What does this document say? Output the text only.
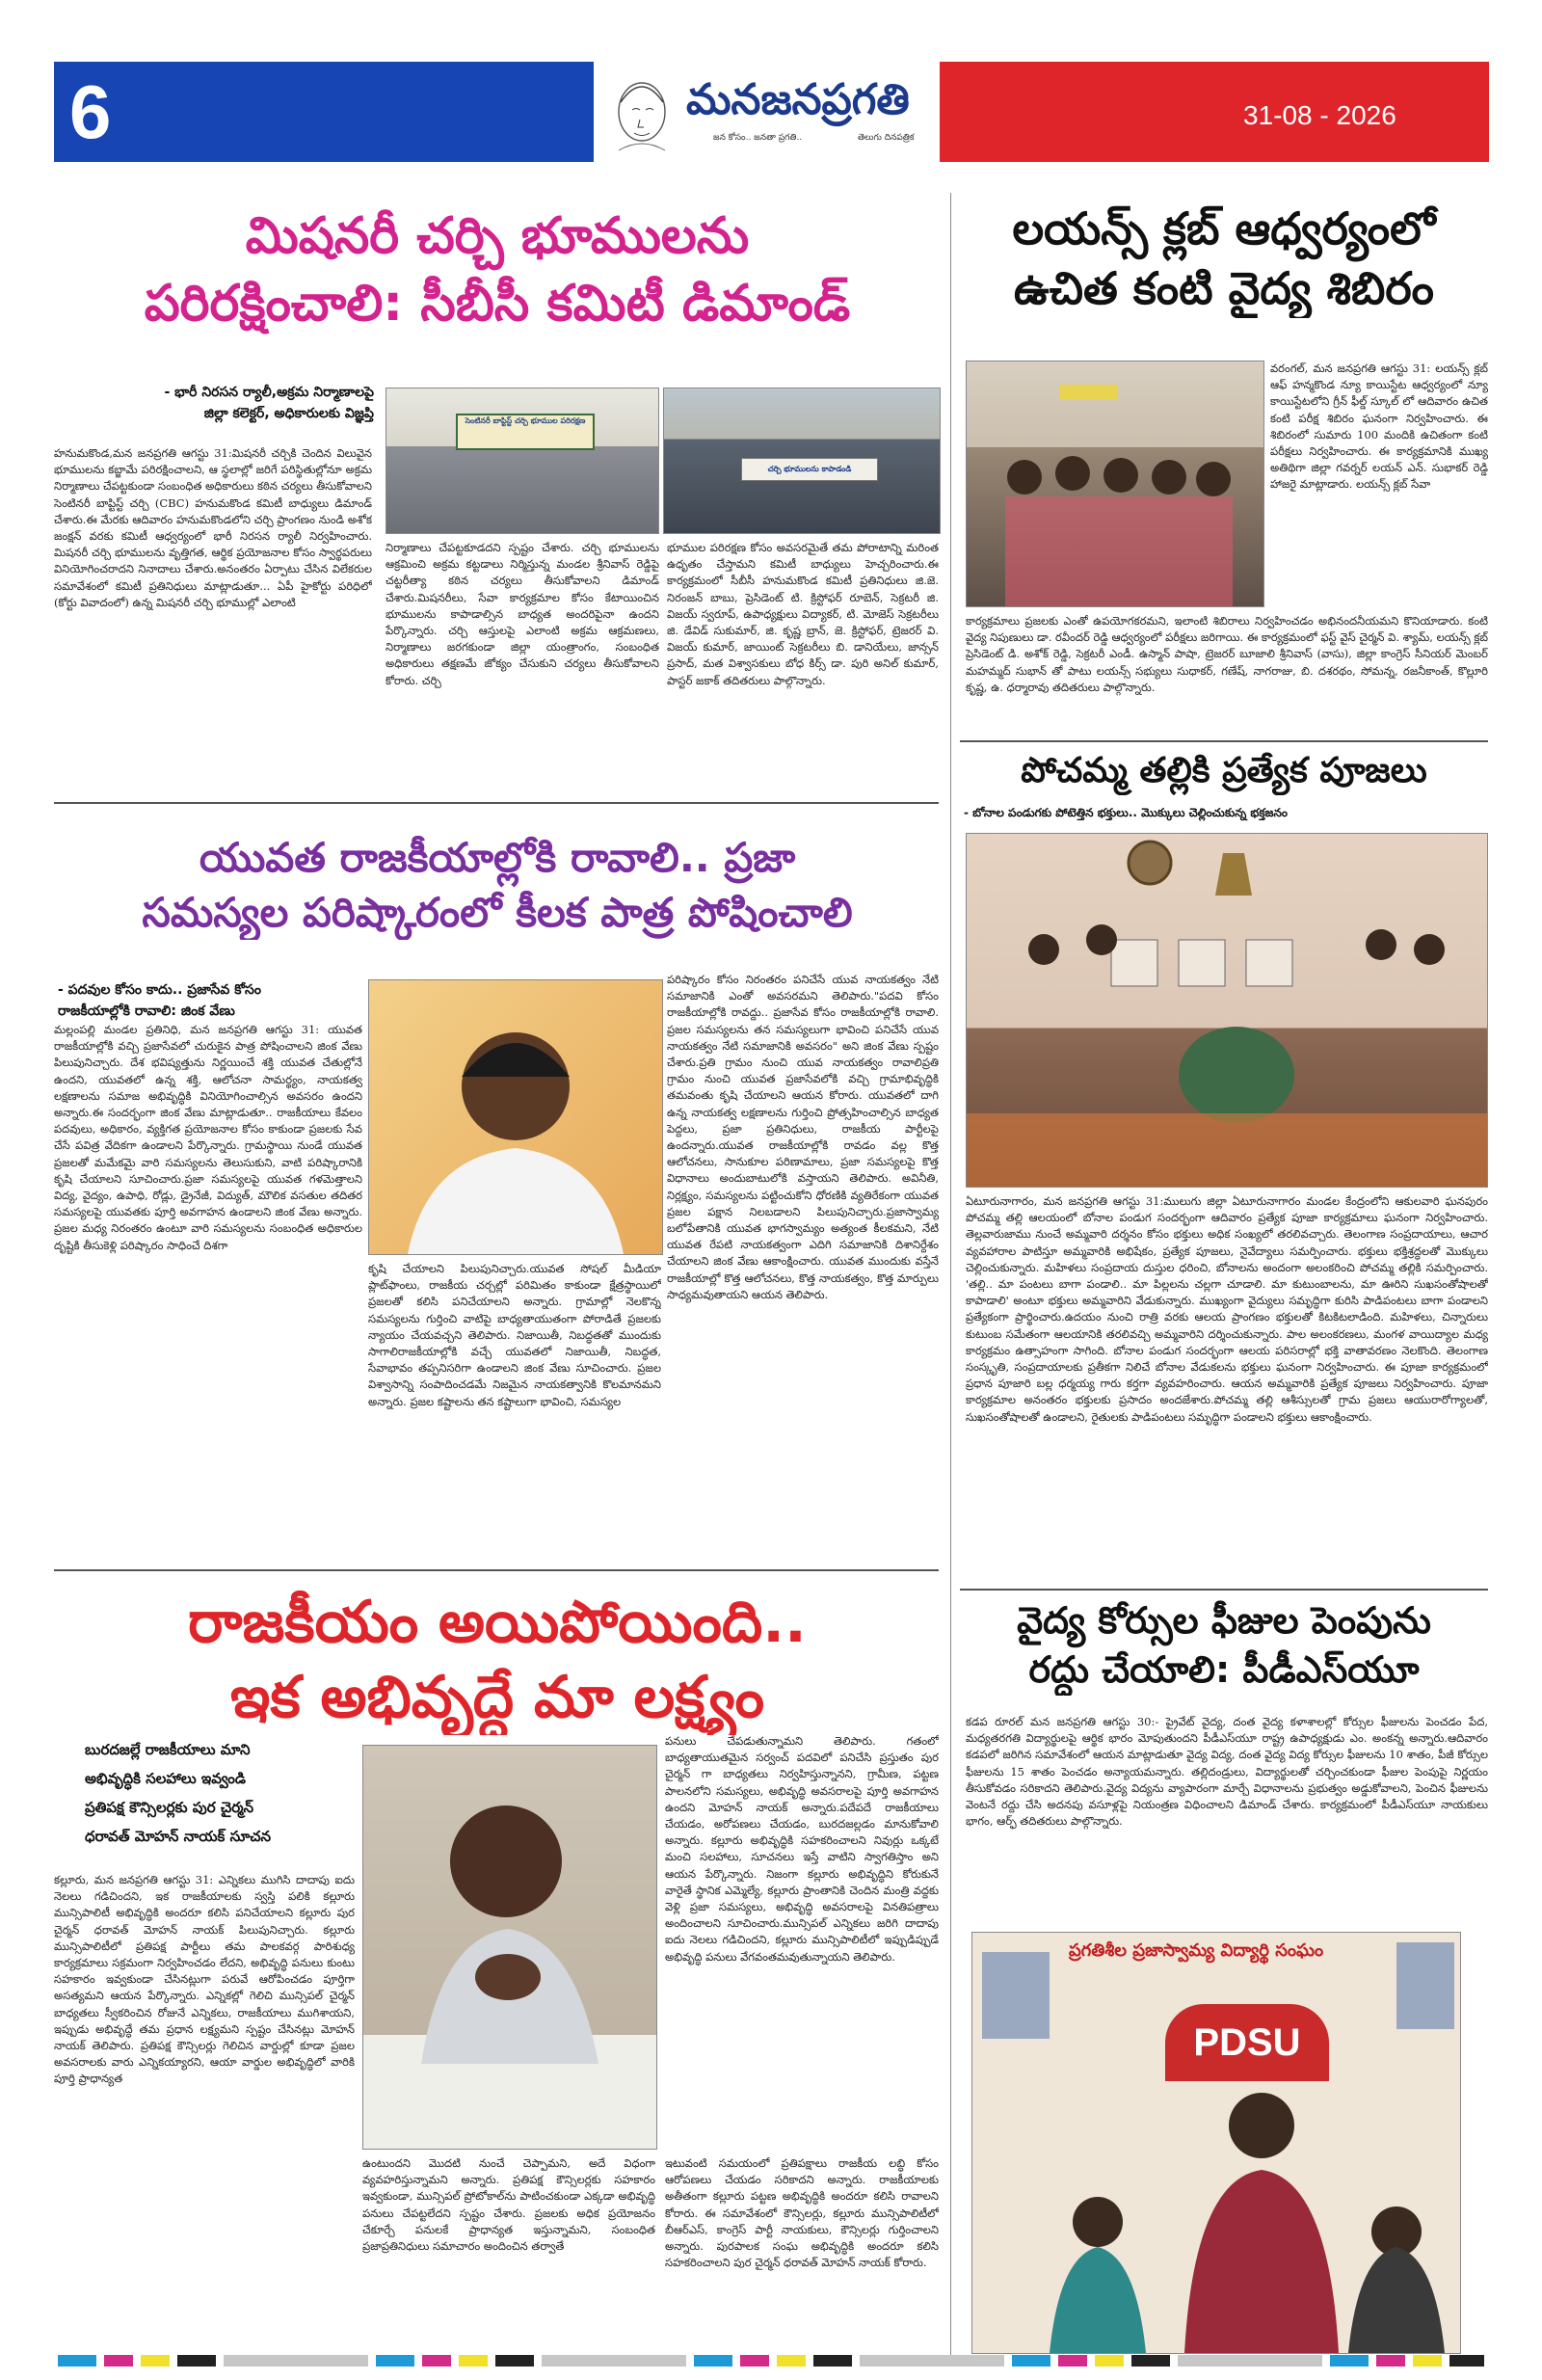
6	మనజనప్రగతి
జన కోసం.. జనతా ప్రగతి..	తెలుగు దినపత్రిక
31-08 - 2026
మిషనరీ చర్చి భూములను
పరిరక్షించాలి: సీబీసీ కమిటీ డిమాండ్
- భారీ నిరసన ర్యాలీ,అక్రమ నిర్మాణాలపై
జిల్లా కలెక్టర్, అధికారులకు విజ్ఞప్తి	సెంటినరీ బాప్టిస్ట్ చర్చి భూముల పరిరక్షణ
చర్చి భూములను కాపాడండి
హనుమకొండ,మన జనప్రగతి ఆగస్టు 31:మిషనరీ చర్చికి చెందిన విలువైన భూములను కబ్జామే పరిరక్షించాలని, ఆ స్థలాల్లో జరిగే పరిస్థితుల్లోనూ అక్రమ నిర్మాణాలు చేపట్టకుండా సంబంధిత అధికారులు కఠిన చర్యలు తీసుకోవాలని సెంటినరీ బాప్టిస్ట్ చర్చి (CBC) హనుమకొండ కమిటీ బాధ్యులు డిమాండ్ చేశారు.ఈ మేరకు ఆదివారం హనుమకొండలోని చర్చి ప్రాంగణం నుండి అశోక జంక్షన్ వరకు కమిటీ ఆధ్వర్యంలో భారీ నిరసన ర్యాలీ నిర్వహించారు. మిషనరీ చర్చి భూములను వృత్తిగత, ఆర్థిక ప్రయోజనాల కోసం స్వార్థపరులు వినియోగించరాదని నినాదాలు చేశారు.అనంతరం ఏర్పాటు చేసిన విలేకరుల సమావేశంలో కమిటీ ప్రతినిధులు మాట్లాడుతూ... ఏపీ హైకోర్టు పరిధిలో (కోర్టు వివాదంలో) ఉన్న మిషనరీ చర్చి భూముల్లో ఎలాంటి
నిర్మాణాలు చేపట్టకూడదని స్పష్టం చేశారు. చర్చి భూములను ఆక్రమించి అక్రమ కట్టడాలు నిర్మిస్తున్న మండల శ్రీనివాస్ రెడ్డిపై చట్టరీత్యా కఠిన చర్యలు తీసుకోవాలని డిమాండ్ చేశారు.మిషనరీలు, సేవా కార్యక్రమాల కోసం కేటాయించిన భూములను కాపాడాల్సిన బాధ్యత అందరిపైనా ఉందని పేర్కొన్నారు. చర్చి ఆస్తులపై ఎలాంటి అక్రమ ఆక్రమణలు, నిర్మాణాలు జరగకుండా జిల్లా యంత్రాంగం, సంబంధిత అధికారులు తక్షణమే జోక్యం చేసుకుని చర్యలు తీసుకోవాలని కోరారు. చర్చి
భూముల పరిరక్షణ కోసం అవసరమైతే తమ పోరాటాన్ని మరింత ఉధృతం చేస్తామని కమిటీ బాధ్యులు హెచ్చరించారు.ఈ కార్యక్రమంలో సీబీసీ హనుమకొండ కమిటీ ప్రతినిధులు జి.జె. నిరంజన్ బాబు, ప్రెసిడెంట్ టి. క్రిస్టోఫర్ రూబెన్, సెక్రటరీ జి. విజయ్ స్వరూప్, ఉపాధ్యక్షులు విద్యాకర్, టి. మోజెస్ సెక్రటరీలు జి. డేవిడ్ సుకుమార్, జి. కృష్ణ బ్రాన్, జె. క్రిస్టోఫర్, ట్రెజరర్ వి. విజయ్ కుమార్, జాయింట్ సెక్రటరీలు బి. డానియేలు, జాన్సన్ ప్రసాద్, మత విశ్వాసకులు బోధ కిర్స్ డా. పురి అనిల్ కుమార్, పాస్టర్ జకాక్ తదితరులు పాల్గొన్నారు.
యువత రాజకీయాల్లోకి రావాలి.. ప్రజా
సమస్యల పరిష్కారంలో కీలక పాత్ర పోషించాలి
- పదవుల కోసం కాదు.. ప్రజాసేవ కోసం
రాజకీయాల్లోకి రావాలి: జింక వేణు
మల్లంపల్లి మండల ప్రతినిధి, మన జనప్రగతి ఆగస్టు 31: యువత రాజకీయాల్లోకి వచ్చి ప్రజాసేవలో చురుకైన పాత్ర పోషించాలని జింక వేణు పిలుపునిచ్చారు. దేశ భవిష్యత్తును నిర్ణయించే శక్తి యువత చేతుల్లోనే ఉందని, యువతలో ఉన్న శక్తి, ఆలోచనా సామర్థ్యం, నాయకత్వ లక్షణాలను సమాజ అభివృద్ధికి వినియోగించాల్సిన అవసరం ఉందని అన్నారు.ఈ సందర్భంగా జింక వేణు మాట్లాడుతూ.. రాజకీయాలు కేవలం పదవులు, అధికారం, వ్యక్తిగత ప్రయోజనాల కోసం కాకుండా ప్రజలకు సేవ చేసే పవిత్ర వేదికగా ఉండాలని పేర్కొన్నారు. గ్రామస్థాయి నుండే యువత ప్రజలతో మమేకమై వారి సమస్యలను తెలుసుకుని, వాటి పరిష్కారానికి కృషి చేయాలని సూచించారు.ప్రజా సమస్యలపై యువత గళమెత్తాలని విద్య, వైద్యం, ఉపాధి, రోడ్లు, డ్రైనేజీ, విద్యుత్, మౌలిక వసతుల తదితర సమస్యలపై యువతకు పూర్తి అవగాహన ఉండాలని జింక వేణు అన్నారు. ప్రజల మధ్య నిరంతరం ఉంటూ వారి సమస్యలను సంబంధిత అధికారుల దృష్టికి తీసుకెళ్లి పరిష్కారం సాధించే దిశగా
కృషి చేయాలని పిలుపునిచ్చారు.యువత సోషల్ మీడియా ప్లాట్‌ఫాంలు, రాజకీయ చర్చల్లో పరిమితం కాకుండా క్షేత్రస్థాయిలో ప్రజలతో కలిసి పనిచేయాలని అన్నారు. గ్రామాల్లో నెలకొన్న సమస్యలను గుర్తించి వాటిపై బాధ్యతాయుతంగా పోరాడితే ప్రజలకు న్యాయం చేయవచ్చని తెలిపారు. నిజాయితీ, నిబద్ధతతో ముందుకు సాగాలిరాజకీయాల్లోకి వచ్చే యువతలో నిజాయితీ, నిబద్ధత, సేవాభావం తప్పనిసరిగా ఉండాలని జింక వేణు సూచించారు. ప్రజల విశ్వాసాన్ని సంపాదించడమే నిజమైన నాయకత్వానికి కొలమానమని అన్నారు. ప్రజల కష్టాలను తన కష్టాలుగా భావించి, సమస్యల
పరిష్కారం కోసం నిరంతరం పనిచేసే యువ నాయకత్వం నేటి సమాజానికి ఎంతో అవసరమని తెలిపారు."పదవి కోసం రాజకీయాల్లోకి రావద్దు.. ప్రజాసేవ కోసం రాజకీయాల్లోకి రావాలి. ప్రజల సమస్యలను తన సమస్యలుగా భావించి పనిచేసే యువ నాయకత్వం నేటి సమాజానికి అవసరం" అని జింక వేణు స్పష్టం చేశారు.ప్రతి గ్రామం నుంచి యువ నాయకత్వం రావాలిప్రతి గ్రామం నుంచి యువత ప్రజాసేవలోకి వచ్చి గ్రామాభివృద్ధికి తమవంతు కృషి చేయాలని ఆయన కోరారు. యువతలో దాగి ఉన్న నాయకత్వ లక్షణాలను గుర్తించి ప్రోత్సహించాల్సిన బాధ్యత పెద్దలు, ప్రజా ప్రతినిధులు, రాజకీయ పార్టీలపై ఉందన్నారు.యువత రాజకీయాల్లోకి రావడం వల్ల కొత్త ఆలోచనలు, సానుకూల పరిణామాలు, ప్రజా సమస్యలపై కొత్త విధానాలు అందుబాటులోకి వస్తాయని తెలిపారు. అవినీతి, నిర్లక్ష్యం, సమస్యలను పట్టించుకోని ధోరణికి వ్యతిరేకంగా యువత ప్రజల పక్షాన నిలబడాలని పిలుపునిచ్చారు.ప్రజాస్వామ్య బలోపేతానికి యువత భాగస్వామ్యం అత్యంత కీలకమని, నేటి యువత రేపటి నాయకత్వంగా ఎదిగి సమాజానికి దిశానిర్దేశం చేయాలని జింక వేణు ఆకాంక్షించారు. యువత ముందుకు వస్తేనే రాజకీయాల్లో కొత్త ఆలోచనలు, కొత్త నాయకత్వం, కొత్త మార్పులు సాధ్యమవుతాయని ఆయన తెలిపారు.
రాజకీయం అయిపోయింది..
ఇక అభివృద్ధే మా లక్ష్యం
బురదజల్లే రాజకీయాలు మాని
అభివృద్ధికి సలహాలు ఇవ్వండి
ప్రతిపక్ష కౌన్సిలర్లకు పుర చైర్మన్
ధరావత్ మోహన్ నాయక్ సూచన
కల్లూరు, మన జనప్రగతి ఆగస్టు 31: ఎన్నికలు ముగిసి దాదాపు ఐదు నెలలు గడిచిందని, ఇక రాజకీయాలకు స్వస్తి పలికి కల్లూరు మున్సిపాలిటీ అభివృద్ధికి అందరూ కలిసి పనిచేయాలని కల్లూరు పుర చైర్మన్ ధరావత్ మోహన్ నాయక్ పిలుపునిచ్చారు. కల్లూరు మున్సిపాలిటీలో ప్రతిపక్ష పార్టీలు తమ పాలకవర్గ పారిశుధ్య కార్యక్రమాలు సక్రమంగా నిర్వహించడం లేదని, అభివృద్ధి పనులు కుంటు సహకారం ఇవ్వకుండా చేసినట్లుగా పరువే ఆరోపించడం పూర్తిగా అసత్యమని ఆయన పేర్కొన్నారు. ఎన్నికల్లో గెలిచి మున్సిపల్ చైర్మన్ బాధ్యతలు స్వీకరించిన రోజునే ఎన్నికలు, రాజకీయాలు ముగిశాయని, ఇప్పుడు అభివృద్ధే తమ ప్రధాన లక్ష్యమని స్పష్టం చేసినట్లు మోహన్ నాయక్ తెలిపారు. ప్రతిపక్ష కౌన్సిలర్లు గెలిచిన వార్డుల్లో కూడా ప్రజల అవసరాలకు వారు ఎన్నికయ్యారని, ఆయా వార్డుల అభివృద్ధిలో వారికి పూర్తి ప్రాధాన్యత
పనులు చేపడుతున్నామని తెలిపారు. గతంలో బాధ్యతాయుతమైన సర్వంచ్ పదవిలో పనిచేసి ప్రస్తుతం పుర చైర్మన్ గా బాధ్యతలు నిర్వహిస్తున్నానని, గ్రామీణ, పట్టణ పాలనలోని సమస్యలు, అభివృద్ధి అవసరాలపై పూర్తి అవగాహన ఉందని మోహన్ నాయక్ అన్నారు.పదేపదే రాజకీయాలు చేయడం, అరోపణలు చేయడం, బురదజల్లడం మానుకోవాలి అన్నారు. కల్లూరు అభివృద్ధికి సహకరించాలని నివుర్లు ఒక్కటే మంచి సలహాలు, సూచనలు ఇస్తే వాటిని స్వాగతిస్తాం అని ఆయన పేర్కొన్నారు. నిజంగా కల్లూరు అభివృద్ధిని కోరుకునే వారైతే స్థానిక ఎమ్మెల్యే, కల్లూరు ప్రాంతానికి చెందిన మంత్రి వద్దకు వెళ్లి ప్రజా సమస్యలు, అభివృద్ధి అవసరాలపై వినతిపత్రాలు అందించాలని సూచించారు.మున్సిపల్ ఎన్నికలు జరిగి దాదాపు ఐదు నెలలు గడిచిందని, కల్లూరు మున్సిపాలిటీలో ఇప్పుడిప్పుడే అభివృద్ధి పనులు వేగవంతమవుతున్నాయని తెలిపారు.
ఉంటుందని మొదటి నుంచే చెప్పామని, అదే విధంగా వ్యవహరిస్తున్నామని అన్నారు. ప్రతిపక్ష కౌన్సిలర్లకు సహకారం ఇవ్వకుండా, మున్సిపల్ ప్రోటోకాల్‌ను పాటించకుండా ఎక్కడా అభివృద్ధి పనులు చేపట్టలేదని స్పష్టం చేశారు. ప్రజలకు అధిక ప్రయోజనం చేకూర్చే పనులకే ప్రాధాన్యత ఇస్తున్నామని, సంబంధిత ప్రజాప్రతినిధులు సమాచారం అందించిన తర్వాతే
ఇటువంటి సమయంలో ప్రతిపక్షాలు రాజకీయ లబ్ధి కోసం ఆరోపణలు చేయడం సరికాదని అన్నారు. రాజకీయాలకు అతీతంగా కల్లూరు పట్టణ అభివృద్ధికి అందరూ కలిసి రావాలని కోరారు. ఈ సమావేశంలో కౌన్సిలర్లు, కల్లూరు మున్సిపాలిటీలో బీఆర్ఎస్, కాంగ్రెస్ పార్టీ నాయకులు, కౌన్సిలర్లు గుర్తించాలని అన్నారు. పురపాలక సంఘ అభివృద్ధికి అందరూ కలిసి సహకరించాలని పుర చైర్మన్ ధరావత్ మోహన్ నాయక్ కోరారు.
లయన్స్ క్లబ్ ఆధ్వర్యంలో
ఉచిత కంటి వైద్య శిబిరం
వరంగల్, మన జనప్రగతి ఆగస్టు 31: లయన్స్ క్లబ్ ఆఫ్ హన్మకొండ న్యూ కాయిస్టేట ఆధ్వర్యంలో న్యూ కాయిస్టేటలోని గ్రీన్ ఫీల్డ్ స్కూల్ లో ఆదివారం ఉచిత కంటి పరీక్ష శిబిరం ఘనంగా నిర్వహించారు. ఈ శిబిరంలో సుమారు 100 మందికి ఉచితంగా కంటి పరీక్షలు నిర్వహించారు. ఈ కార్యక్రమానికి ముఖ్య అతిథిగా జిల్లా గవర్నర్ లయన్ ఎన్. సుభాకర్ రెడ్డి హాజరై మాట్లాడారు. లయన్స్ క్లబ్ సేవా
కార్యక్రమాలు ప్రజలకు ఎంతో ఉపయోగకరమని, ఇలాంటి శిబిరాలు నిర్వహించడం అభినందనీయమని కొనియాడారు. కంటి వైద్య నిపుణులు డా. రవీందర్ రెడ్డి ఆధ్వర్యంలో పరీక్షలు జరిగాయి. ఈ కార్యక్రమంలో ఫస్ట్ వైస్ చైర్మన్ వి. శ్యామ్, లయన్స్ క్లబ్ ప్రెసిడెంట్ డి. అశోక్ రెడ్డి, సెక్రటరీ ఎండీ. ఉస్మాన్ పాషా, ట్రెజరర్ బూజాలి శ్రీనివాస్ (వాసు), జిల్లా కాంగ్రెస్ సీనియర్ మెంబర్ మహమ్మద్ సుభాన్ తో పాటు లయన్స్ సభ్యులు సుధాకర్, గణేష్, నాగరాజు, బి. దశరథం, సోమన్న, రజనీకాంత్, కొల్లూరి కృష్ణ, ఉ. ధర్మారావు తదితరులు పాల్గొన్నారు.
పోచమ్మ తల్లికి ప్రత్యేక పూజలు
- బోనాల పండుగకు పోటెత్తిన భక్తులు.. మొక్కులు చెల్లించుకున్న భక్తజనం
ఏటూరునాగారం, మన జనప్రగతి ఆగస్టు 31:ములుగు జిల్లా ఏటూరునాగారం మండల కేంద్రంలోని ఆకులవారి ఘనపురం పోచమ్మ తల్లి ఆలయంలో బోనాల పండుగ సందర్భంగా ఆదివారం ప్రత్యేక పూజా కార్యక్రమాలు ఘనంగా నిర్వహించారు. తెల్లవారుజాము నుంచే అమ్మవారి దర్శనం కోసం భక్తులు అధిక సంఖ్యలో తరలివచ్చారు. తెలంగాణ సంప్రదాయాలు, ఆచార వ్యవహారాల పాటిస్తూ అమ్మవారికి అభిషేకం, ప్రత్యేక పూజలు, నైవేద్యాలు సమర్పించారు. భక్తులు భక్తిశ్రద్ధలతో మొక్కులు చెల్లించుకున్నారు. మహిళలు సంప్రదాయ దుస్తుల ధరించి, బోనాలను అందంగా అలంకరించి పోచమ్మ తల్లికి సమర్పించారు. 'తల్లి.. మా పంటలు బాగా పండాలి.. మా పిల్లలను చల్లగా చూడాలి. మా కుటుంబాలను, మా ఊరిని సుఖసంతోషాలతో కాపాడాలి' అంటూ భక్తులు అమ్మవారిని వేడుకున్నారు. ముఖ్యంగా వైద్యులు సమృద్ధిగా కురిసి పాడిపంటలు బాగా పండాలని ప్రత్యేకంగా ప్రార్థించారు.ఉదయం నుంచి రాత్రి వరకు ఆలయ ప్రాంగణం భక్తులతో కిటకిటలాడింది. మహిళలు, చిన్నారులు కుటుంబ సమేతంగా ఆలయానికి తరలివచ్చి అమ్మవారిని దర్శించుకున్నారు. పాల అలంకరణలు, మంగళ వాయిద్యాల మధ్య కార్యక్రమం ఉత్సాహంగా సాగింది. బోనాల పండుగ సందర్భంగా ఆలయ పరిసరాల్లో భక్తి వాతావరణం నెలకొంది. తెలంగాణ సంస్కృతి, సంప్రదాయాలకు ప్రతీకగా నిలిచే బోనాల వేడుకలను భక్తులు ఘనంగా నిర్వహించారు. ఈ పూజా కార్యక్రమంలో ప్రధాన పూజారి బల్ల ధర్మయ్య గారు కర్తగా వ్యవహరించారు. ఆయన అమ్మవారికి ప్రత్యేక పూజలు నిర్వహించారు. పూజా కార్యక్రమాల అనంతరం భక్తులకు ప్రసాదం అందజేశారు.పోచమ్మ తల్లి ఆశీస్సులతో గ్రామ ప్రజలు ఆయురారోగ్యాలతో, సుఖసంతోషాలతో ఉండాలని, రైతులకు పాడిపంటలు సమృద్ధిగా పండాలని భక్తులు ఆకాంక్షించారు.
వైద్య కోర్సుల ఫీజుల పెంపును
రద్దు చేయాలి: పీడీఎస్‌యూ
కడప రూరల్ మన జనప్రగతి ఆగస్టు 30:- ప్రైవేట్ వైద్య, దంత వైద్య కళాశాలల్లో కోర్సుల ఫీజులను పెంచడం పేద, మధ్యతరగతి విద్యార్థులపై ఆర్థిక భారం మోపుతుందని పీడీఎస్‌యూ రాష్ట్ర ఉపాధ్యక్షుడు ఎం. అంకన్న అన్నారు.ఆదివారం కడపలో జరిగిన సమావేశంలో ఆయన మాట్లాడుతూ వైద్య విద్య, దంత వైద్య విద్య కోర్సుల ఫీజులను 10 శాతం, పీజీ కోర్సుల ఫీజులను 15 శాతం పెంచడం అన్యాయమన్నారు. తల్లిదండ్రులు, విద్యార్థులతో చర్చించకుండా ఫీజుల పెంపుపై నిర్ణయం తీసుకోవడం సరికాదని తెలిపారు.వైద్య విద్యను వ్యాపారంగా మార్చే విధానాలను ప్రభుత్వం అడ్డుకోవాలని, పెంచిన ఫీజులను వెంటనే రద్దు చేసి అదనపు వసూళ్లపై నియంత్రణ విధించాలని డిమాండ్ చేశారు. కార్యక్రమంలో పీడీఎస్‌యూ నాయకులు భాగం, ఆర్ఫ్ తదితరులు పాల్గొన్నారు.
ప్రగతిశీల ప్రజాస్వామ్య విద్యార్థి సంఘం
PDSU
